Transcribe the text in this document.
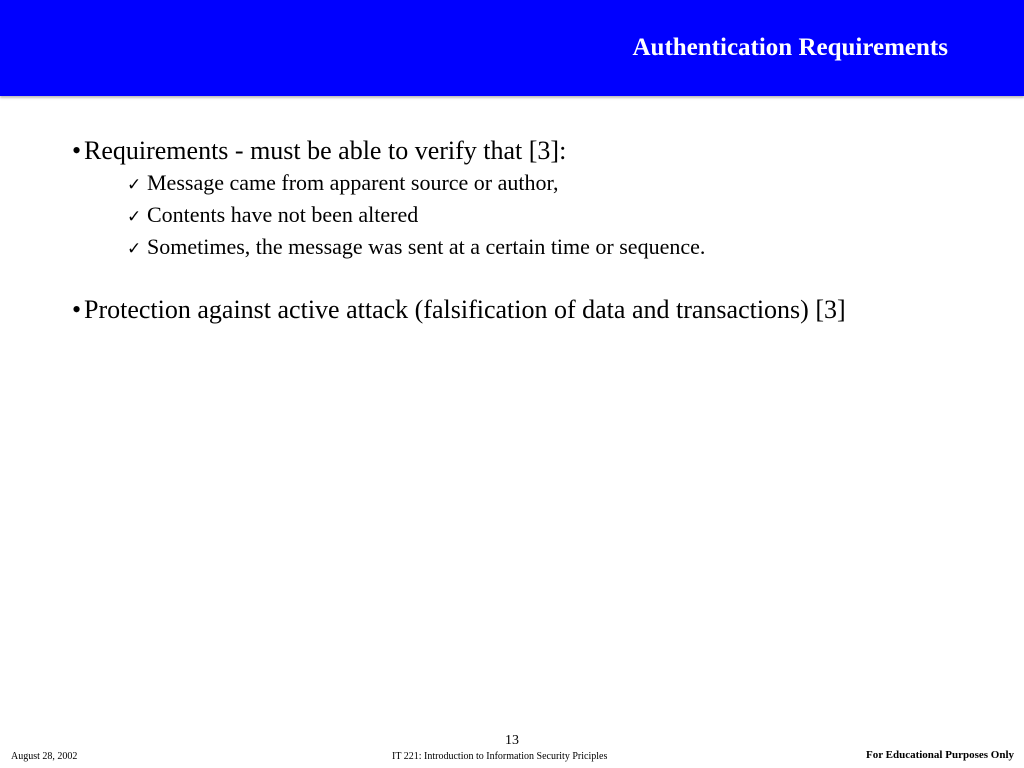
Authentication Requirements
• Requirements - must be able to verify that [3]:
✓ Message came from apparent source or author,
✓ Contents have not been altered
✓ Sometimes, the message was sent at a certain time or sequence.
• Protection against active attack (falsification of data and transactions) [3]
13
August 28, 2002	IT 221: Introduction to Information Security Priciples	For Educational Purposes Only
